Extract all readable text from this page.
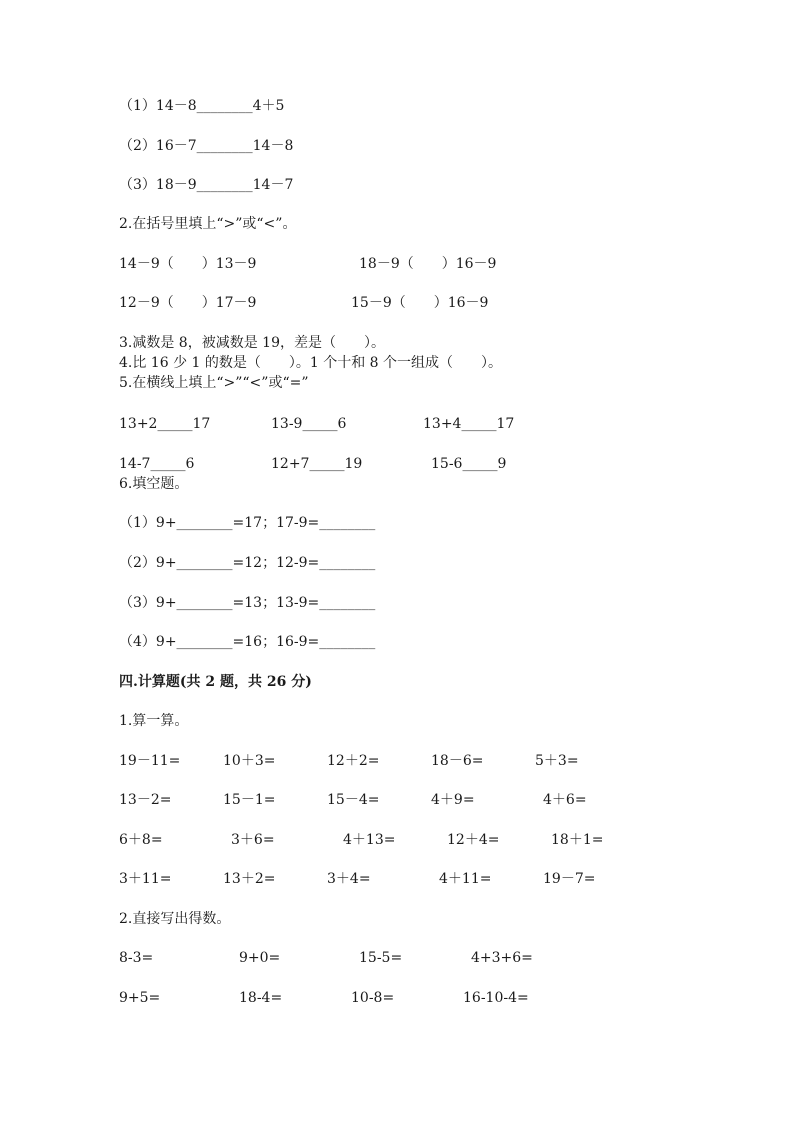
（1）14－8________4＋5
（2）16－7________14－8
（3）18－9________14－7
2.在括号里填上“>”或“<”。
14－9（　　）13－9	18－9（　　）16－9
12－9（　　）17－9	15－9（　　）16－9
3.减数是 8，被减数是 19，差是（　　）。
4.比 16 少 1 的数是（　　）。1 个十和 8 个一组成（　　）。
5.在横线上填上“>”“<”或“=”
13+2_____17	13-9_____6	13+4_____17
14-7_____6	12+7_____19	15-6_____9
6.填空题。
（1）9+________=17；17-9=________
（2）9+________=12；12-9=________
（3）9+________=13；13-9=________
（4）9+________=16；16-9=________
四.计算题(共 2 题，共 26 分)
1.算一算。
19－11=	10＋3=	12＋2=	18－6=	5＋3=
13－2=	15－1=	15－4=	4＋9=	4＋6=
6＋8=	3＋6=	4＋13=	12＋4=	18＋1=
3＋11=	13＋2=	3＋4=	4＋11=	19－7=
2.直接写出得数。
8-3=	9+0=	15-5=	4+3+6=
9+5=	18-4=	10-8=	16-10-4=
